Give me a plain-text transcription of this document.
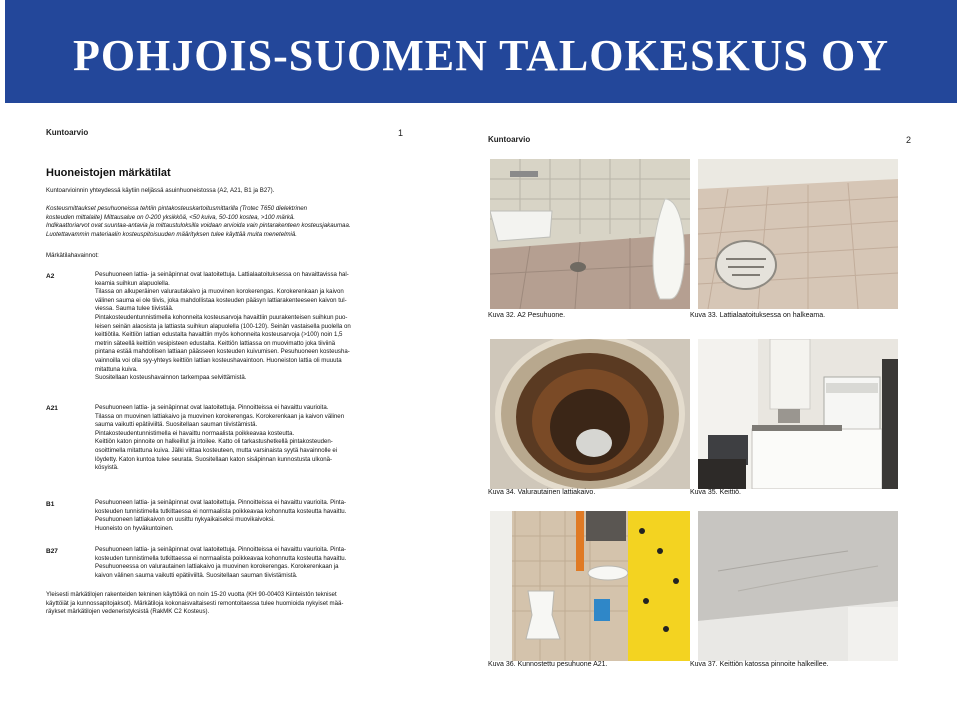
POHJOIS-SUOMEN TALOKESKUS OY
Kuntoarvio	1
Huoneistojen märkätilat
Kuntoarvioinnin yhteydessä käytiin neljässä asuinhuoneistossa (A2, A21, B1 ja B27).
Kosteusmittaukset pesuhuoneissa tehtiin pintakosteuskartoitusmittarilla (Trotec T650 dielektrinen
kosteuden mittalaite) Mittausalue on 0-200 yksikköä, <50 kuiva, 50-100 kostea, >100 märkä.
Indikaattoriarvot ovat suuntaa-antavia ja mittaustuloksilla voidaan arvioida vain pintarakenteen kosteusjakaumaa.
Luotettavammin materiaalin kosteuspitoisuuden määrityksen tulee käyttää muita menetelmiä.
Märkätilahavainnot:
A2	Pesuhuoneen lattia- ja seinäpinnat ovat laatoitettuja. Lattialaatoituksessa on havaittavissa hal-
keamia suihkun alapuolella.
Tilassa on alkuperäinen valurautakaivo ja muovinen korokerengas. Korokerenkaan ja kaivon
välinen sauma ei ole tiivis, joka mahdollistaa kosteuden pääsyn lattiarakenteeseen kaivon tul-
viessa. Sauma tulee tiivistää.
Pintakosteudentunnistimella kohonneita kosteusarvoja havaittiin puurakenteisen suihkun puo-
leisen seinän alaosista ja lattiasta suihkun alapuolella (100-120). Seinän vastaisella puolella on
keittiötila. Keittiön lattian edustalta havaittiin myös kohonneita kosteusarvoja (>100) noin 1,5
metrin säteellä keittiön vesipisteen edustalta. Keittiön lattiassa on muovimatto joka tiiviinä
pintana estää mahdollisen lattiaan päässeen kosteuden kuivumisen. Pesuhuoneen kosteusha-
vainnoilla voi olla syy-yhteys keittiön lattian kosteushavaintoon. Huoneiston lattia oli muuuta
mitattuna kuiva.
Suositellaan kosteushavainnon tarkempaa selvittämistä.
A21	Pesuhuoneen lattia- ja seinäpinnat ovat laatoitettuja. Pinnoitteissa ei havaittu vaurioita.
Tilassa on muovinen lattiakaivo ja muovinen korokerengas. Korokerenkaan ja kaivon välinen
sauma vaikutti epätiiviiltä. Suositellaan sauman tiivistämistä.
Pintakosteudentunnistimella ei havaittu normaalista poikkeavaa kosteutta.
Keittiön katon pinnoite on halkeillut ja irtoilee. Katto oli tarkastushetkellä pintakosteuden-
osoittimella mitattuna kuiva. Jälki viittaa kosteuteen, mutta varsinaista syytä havainnolle ei
löydetty. Katon kuntoa tulee seurata. Suositellaan katon sisäpinnan kunnostusta ulkonä-
kösyistä.
B1	Pesuhuoneen lattia- ja seinäpinnat ovat laatoitettuja. Pinnoitteissa ei havaittu vaurioita. Pinta-
kosteuden tunnistimella tutkittaessa ei normaalista poikkeavaa kohonnutta kosteutta havaittu.
Pesuhuoneen lattiakaivon on uusittu nykyaikaiseksi muovikaivoksi.
Huoneisto on hyväkuntoinen.
B27	Pesuhuoneen lattia- ja seinäpinnat ovat laatoitettuja. Pinnoitteissa ei havaittu vaurioita. Pinta-
kosteuden tunnistimella tutkittaessa ei normaalista poikkeavaa kohonnutta kosteutta havaittu.
Pesuhuoneessa on valurautainen lattiakaivo ja muovinen korokerengas. Korokerenkaan ja
kaivon välinen sauma vaikutti epätiiviiltä. Suositellaan sauman tiivistämistä.
Yleisesti märkätilojen rakenteiden tekninen käyttöikä on noin 15-20 vuotta (KH 90-00403 Kiinteistön tekniset
käyttöiät ja kunnossapitojaksot). Märkätiloja kokonaisvaltaisesti remontoitaessa tulee huomioida nykyiset mää-
räykset märkätilojen vedeneristyksistä (RakMK C2 Kosteus).
Kuntoarvio	2
Kuva 32. A2 Pesuhuone.	Kuva 33. Lattialaatoituksessa on halkeama.
Kuva 34. Valurautainen lattiakaivo.	Kuva 35. Keittiö.
Kuva 36. Kunnostettu pesuhuone A21.	Kuva 37. Keittiön katossa pinnoite halkeillee.
